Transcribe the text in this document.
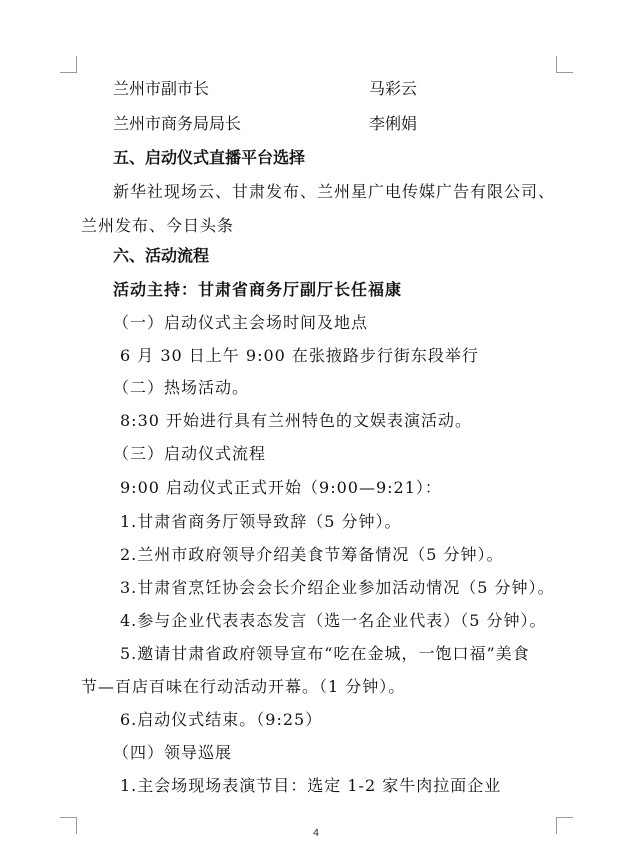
兰州市副市长	马彩云
兰州市商务局局长	李俐娟
五、启动仪式直播平台选择
新华社现场云、甘肃发布、兰州星广电传媒广告有限公司、
兰州发布、今日头条
六、活动流程
活动主持：甘肃省商务厅副厅长任福康
（一）启动仪式主会场时间及地点
6 月 30 日上午 9:00 在张掖路步行街东段举行
（二）热场活动。
8:30 开始进行具有兰州特色的文娱表演活动。
（三）启动仪式流程
9:00 启动仪式正式开始（9:00—9:21）：
1.甘肃省商务厅领导致辞（5 分钟）。
2.兰州市政府领导介绍美食节筹备情况（5 分钟）。
3.甘肃省烹饪协会会长介绍企业参加活动情况（5 分钟）。
4.参与企业代表表态发言（选一名企业代表）（5 分钟）。
5.邀请甘肃省政府领导宣布“吃在金城，一饱口福”美食
节—百店百味在行动活动开幕。（1 分钟）。
6.启动仪式结束。（9:25）
（四）领导巡展
1.主会场现场表演节目：选定 1-2 家牛肉拉面企业
4
